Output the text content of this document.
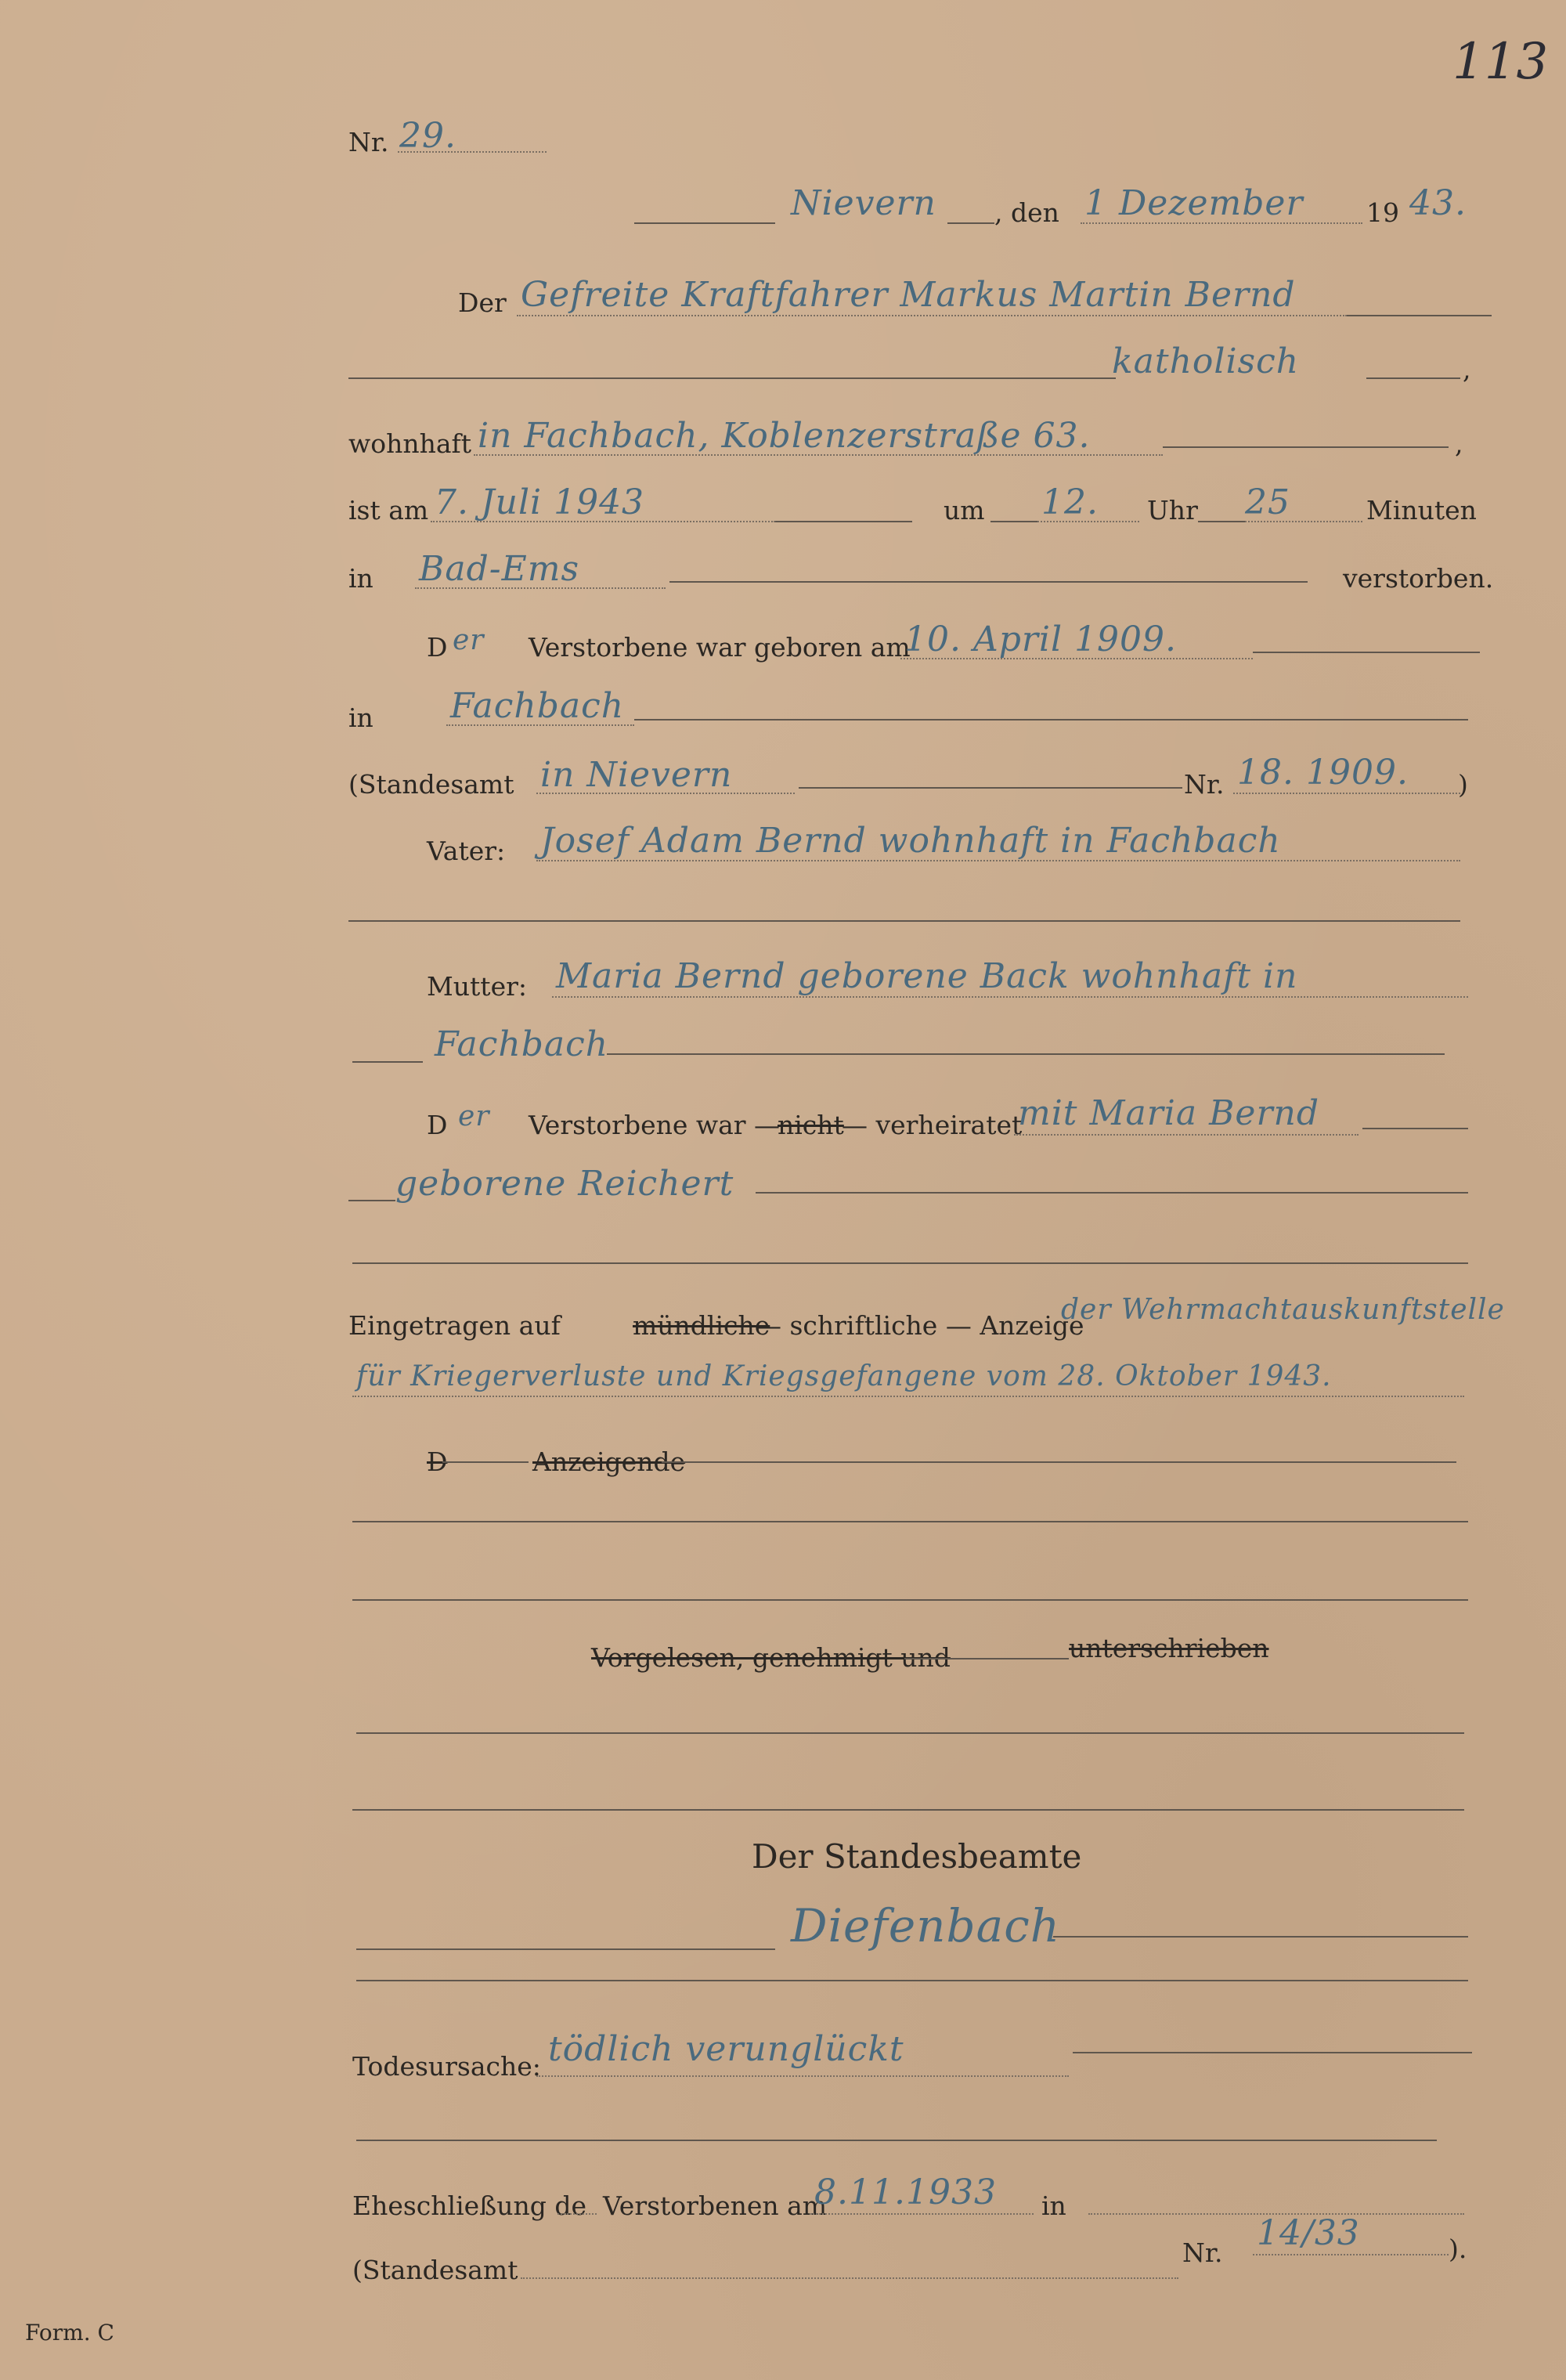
113
Nr. 29.
Nievern , den 1 Dezember 19 43.
Der Gefreite Kraftfahrer Markus Martin Bernd
katholisch	,
wohnhaft in Fachbach, Koblenzerstraße 63.	,
ist am 7. Juli 1943	um 12. Uhr 25	Minuten
in Bad-Ems	verstorben.
D er Verstorbene war geboren am
10. April 1909.
in Fachbach
(Standesamt in Nievern	Nr. 18. 1909. )
Vater: Josef Adam Bernd wohnhaft in Fachbach
Mutter: Maria Bernd geborene Back wohnhaft in
Fachbach
D er Verstorbene war —
nicht
— verheiratet
mit Maria Bernd
geborene Reichert
Eingetragen auf	mündliche
— schriftliche — Anzeige
der Wehrmachtauskunftstelle
für Kriegerverluste und Kriegsgefangene vom 28. Oktober 1943.
D	Anzeigende
Vorgelesen, genehmigt und	unterschrieben
Der Standesbeamte
Diefenbach
Todesursache: tödlich verunglückt
Eheschließung de Verstorbenen am
8.11.1933 in
(Standesamt
Nr. 14/33	).
Form. C
